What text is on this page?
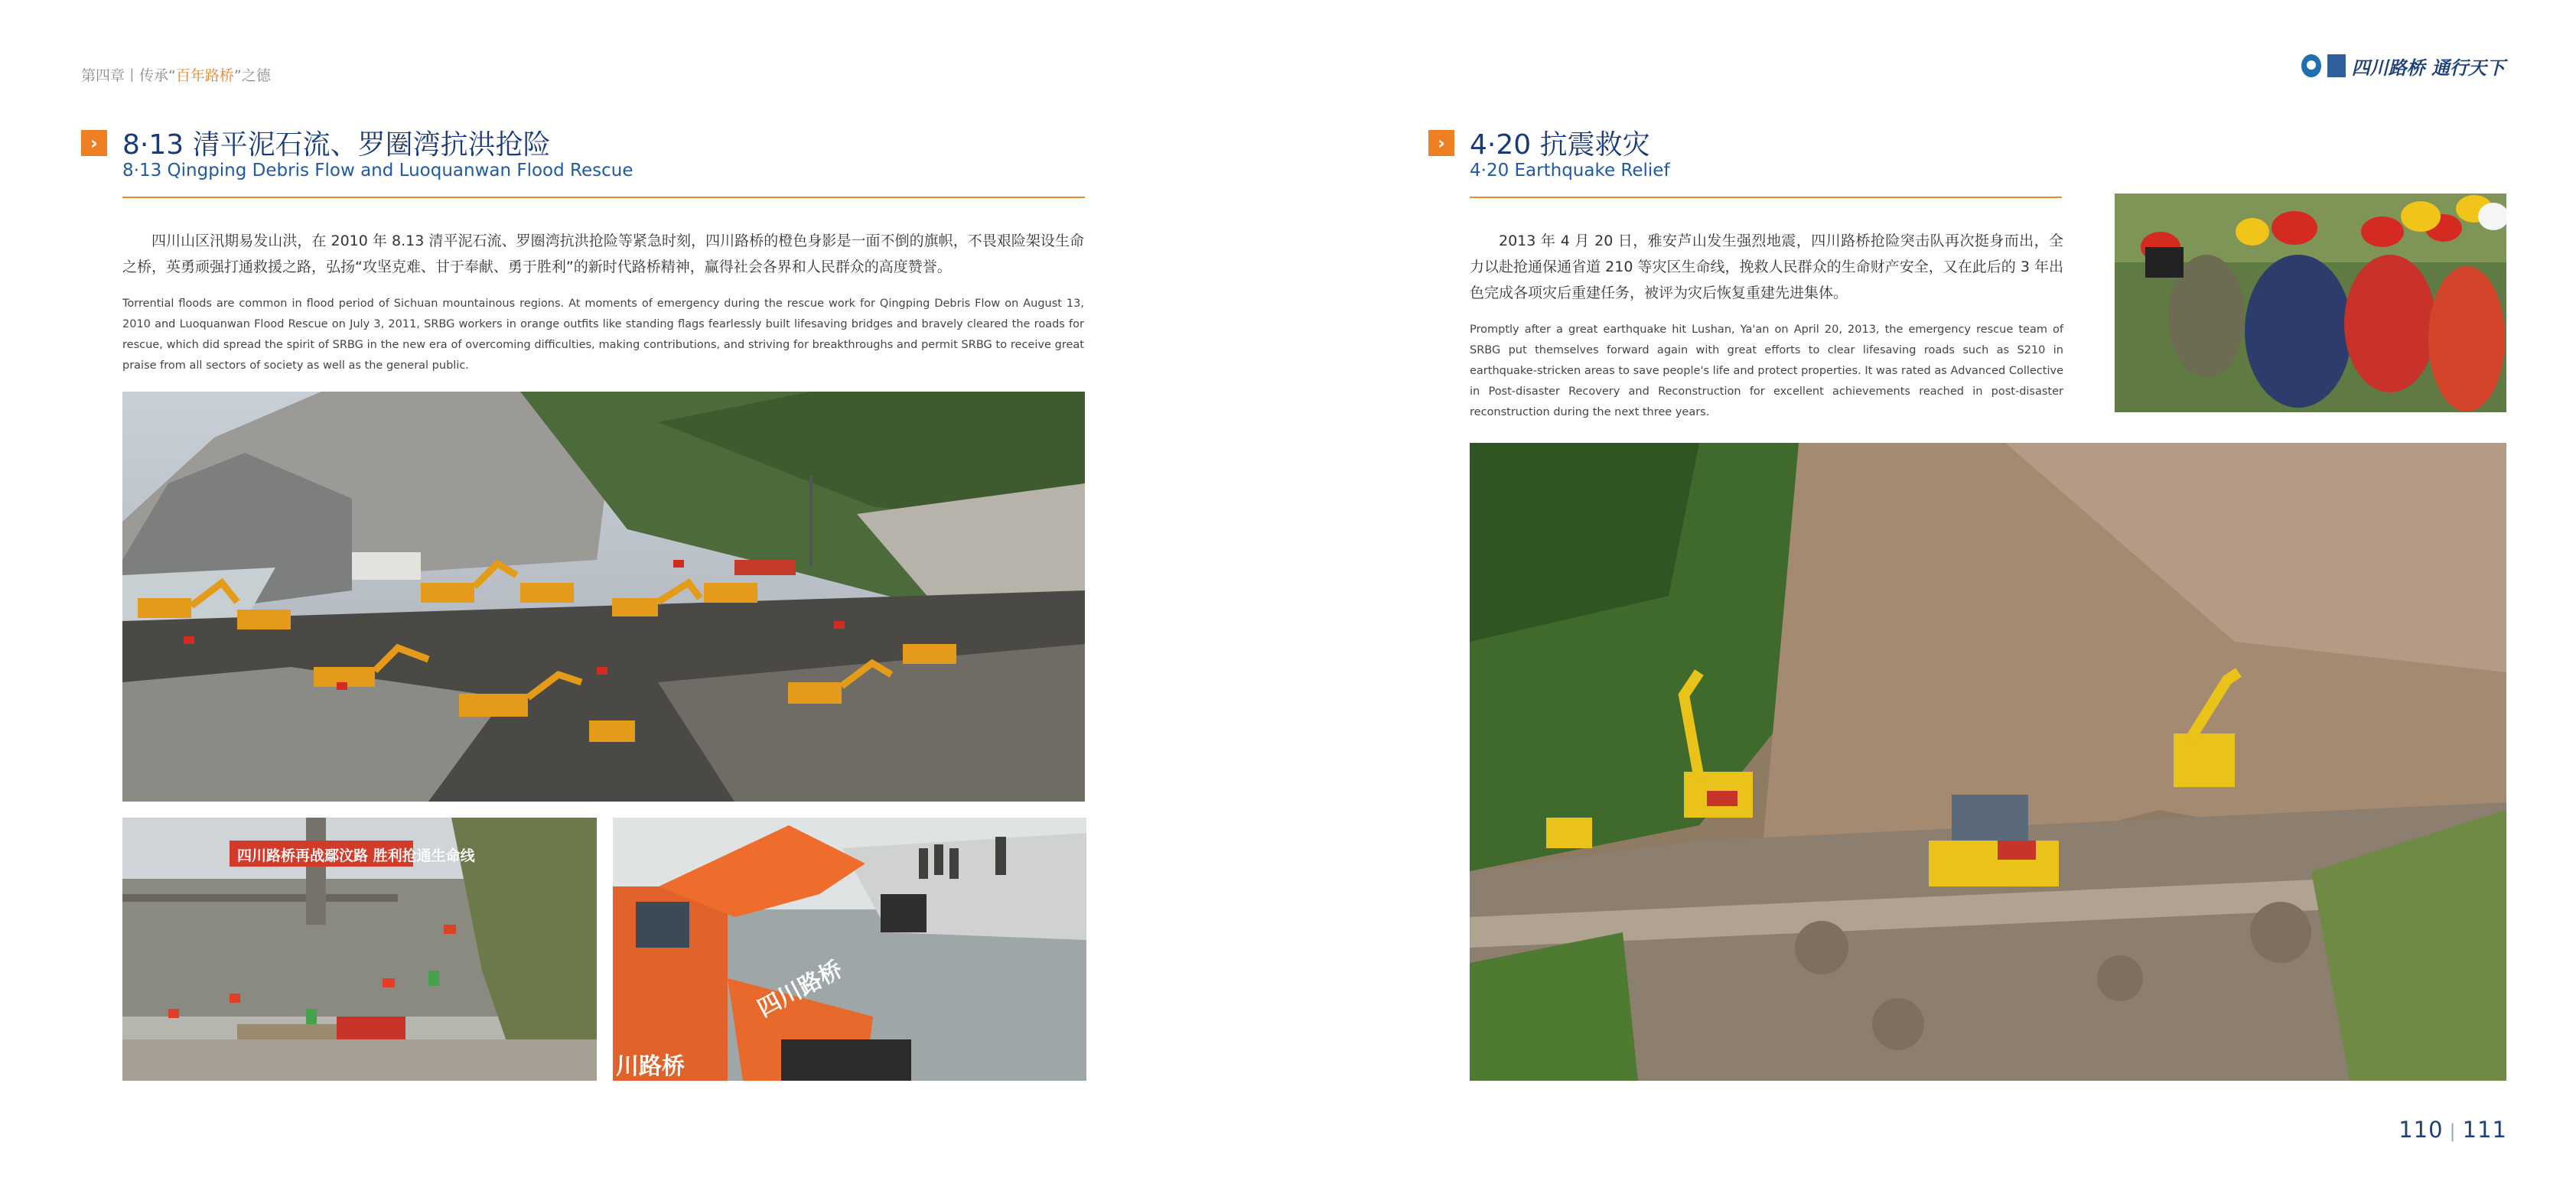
第四章丨传承“百年路桥”之德	四川路桥 通行天下
› 8·13 清平泥石流、罗圈湾抗洪抢险
8·13 Qingping Debris Flow and Luoquanwan Flood Rescue
四川山区汛期易发山洪，在 2010 年 8.13 清平泥石流、罗圈湾抗洪抢险等紧急时刻，四川路桥的橙色身影是一面不倒的旗帜，不畏艰险架设生命之桥，英勇顽强打通救援之路，弘扬“攻坚克难、甘于奉献、勇于胜利”的新时代路桥精神，赢得社会各界和人民群众的高度赞誉。
Torrential floods are common in flood period of Sichuan mountainous regions. At moments of emergency during the rescue work for Qingping Debris Flow on August 13, 2010 and Luoquanwan Flood Rescue on July 3, 2011, SRBG workers in orange outfits like standing flags fearlessly built lifesaving bridges and bravely cleared the roads for rescue, which did spread the spirit of SRBG in the new era of overcoming difficulties, making contributions, and striving for breakthroughs and permit SRBG to receive great praise from all sectors of society as well as the general public.
四川路桥再战鄢汶路 胜利抢通生命线
四川路桥
川路桥
› 4·20 抗震救灾
4·20 Earthquake Relief
2013 年 4 月 20 日，雅安芦山发生强烈地震，四川路桥抢险突击队再次挺身而出，全力以赴抢通保通省道 210 等灾区生命线，挽救人民群众的生命财产安全，又在此后的 3 年出色完成各项灾后重建任务，被评为灾后恢复重建先进集体。
Promptly after a great earthquake hit Lushan, Ya'an on April 20, 2013, the emergency rescue team of SRBG put themselves forward again with great efforts to clear lifesaving roads such as S210 in earthquake-stricken areas to save people's life and protect properties. It was rated as Advanced Collective in Post-disaster Recovery and Reconstruction for excellent achievements reached in post-disaster reconstruction during the next three years.
110 | 111
